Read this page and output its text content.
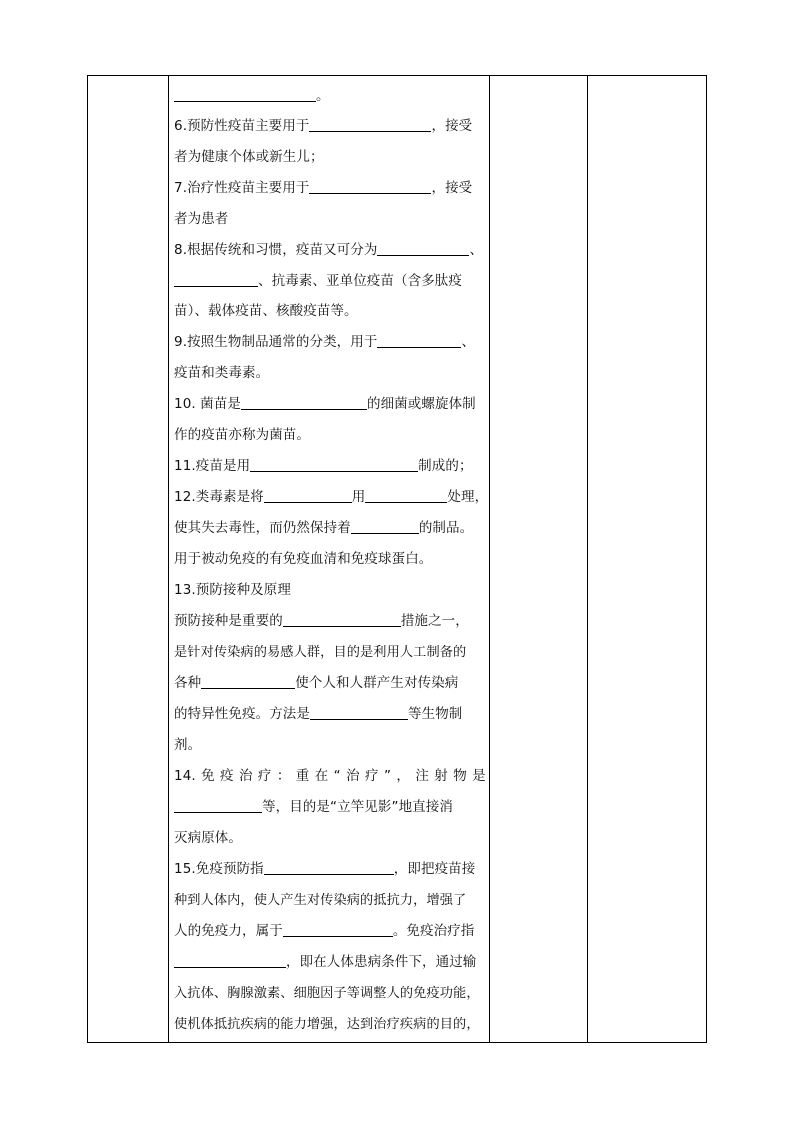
。
6.预防性疫苗主要用于	，接受
者为健康个体或新生儿；
7.治疗性疫苗主要用于	，接受
者为患者
8.根据传统和习惯，疫苗又可分为	、
、抗毒素、亚单位疫苗（含多肽疫
苗）、载体疫苗、核酸疫苗等。
9.按照生物制品通常的分类，用于	、
疫苗和类毒素。
10. 菌苗是	的细菌或螺旋体制
作的疫苗亦称为菌苗。
11.疫苗是用	制成的；
12.类毒素是将	用	处理，
使其失去毒性，而仍然保持着	的制品。
用于被动免疫的有免疫血清和免疫球蛋白。
13.预防接种及原理
预防接种是重要的	措施之一，
是针对传染病的易感人群，目的是利用人工制备的
各种	使个人和人群产生对传染病
的特异性免疫。方法是	等生物制
剂。
14. 免 疫 治 疗 ： 重 在 “ 治 疗 ” ， 注 射 物 是
等，目的是“立竿见影”地直接消
灭病原体。
15.免疫预防指	，即把疫苗接
种到人体内，使人产生对传染病的抵抗力，增强了
人的免疫力，属于	。免疫治疗指
，即在人体患病条件下，通过输
入抗体、胸腺激素、细胞因子等调整人的免疫功能，
使机体抵抗疾病的能力增强，达到治疗疾病的目的，
